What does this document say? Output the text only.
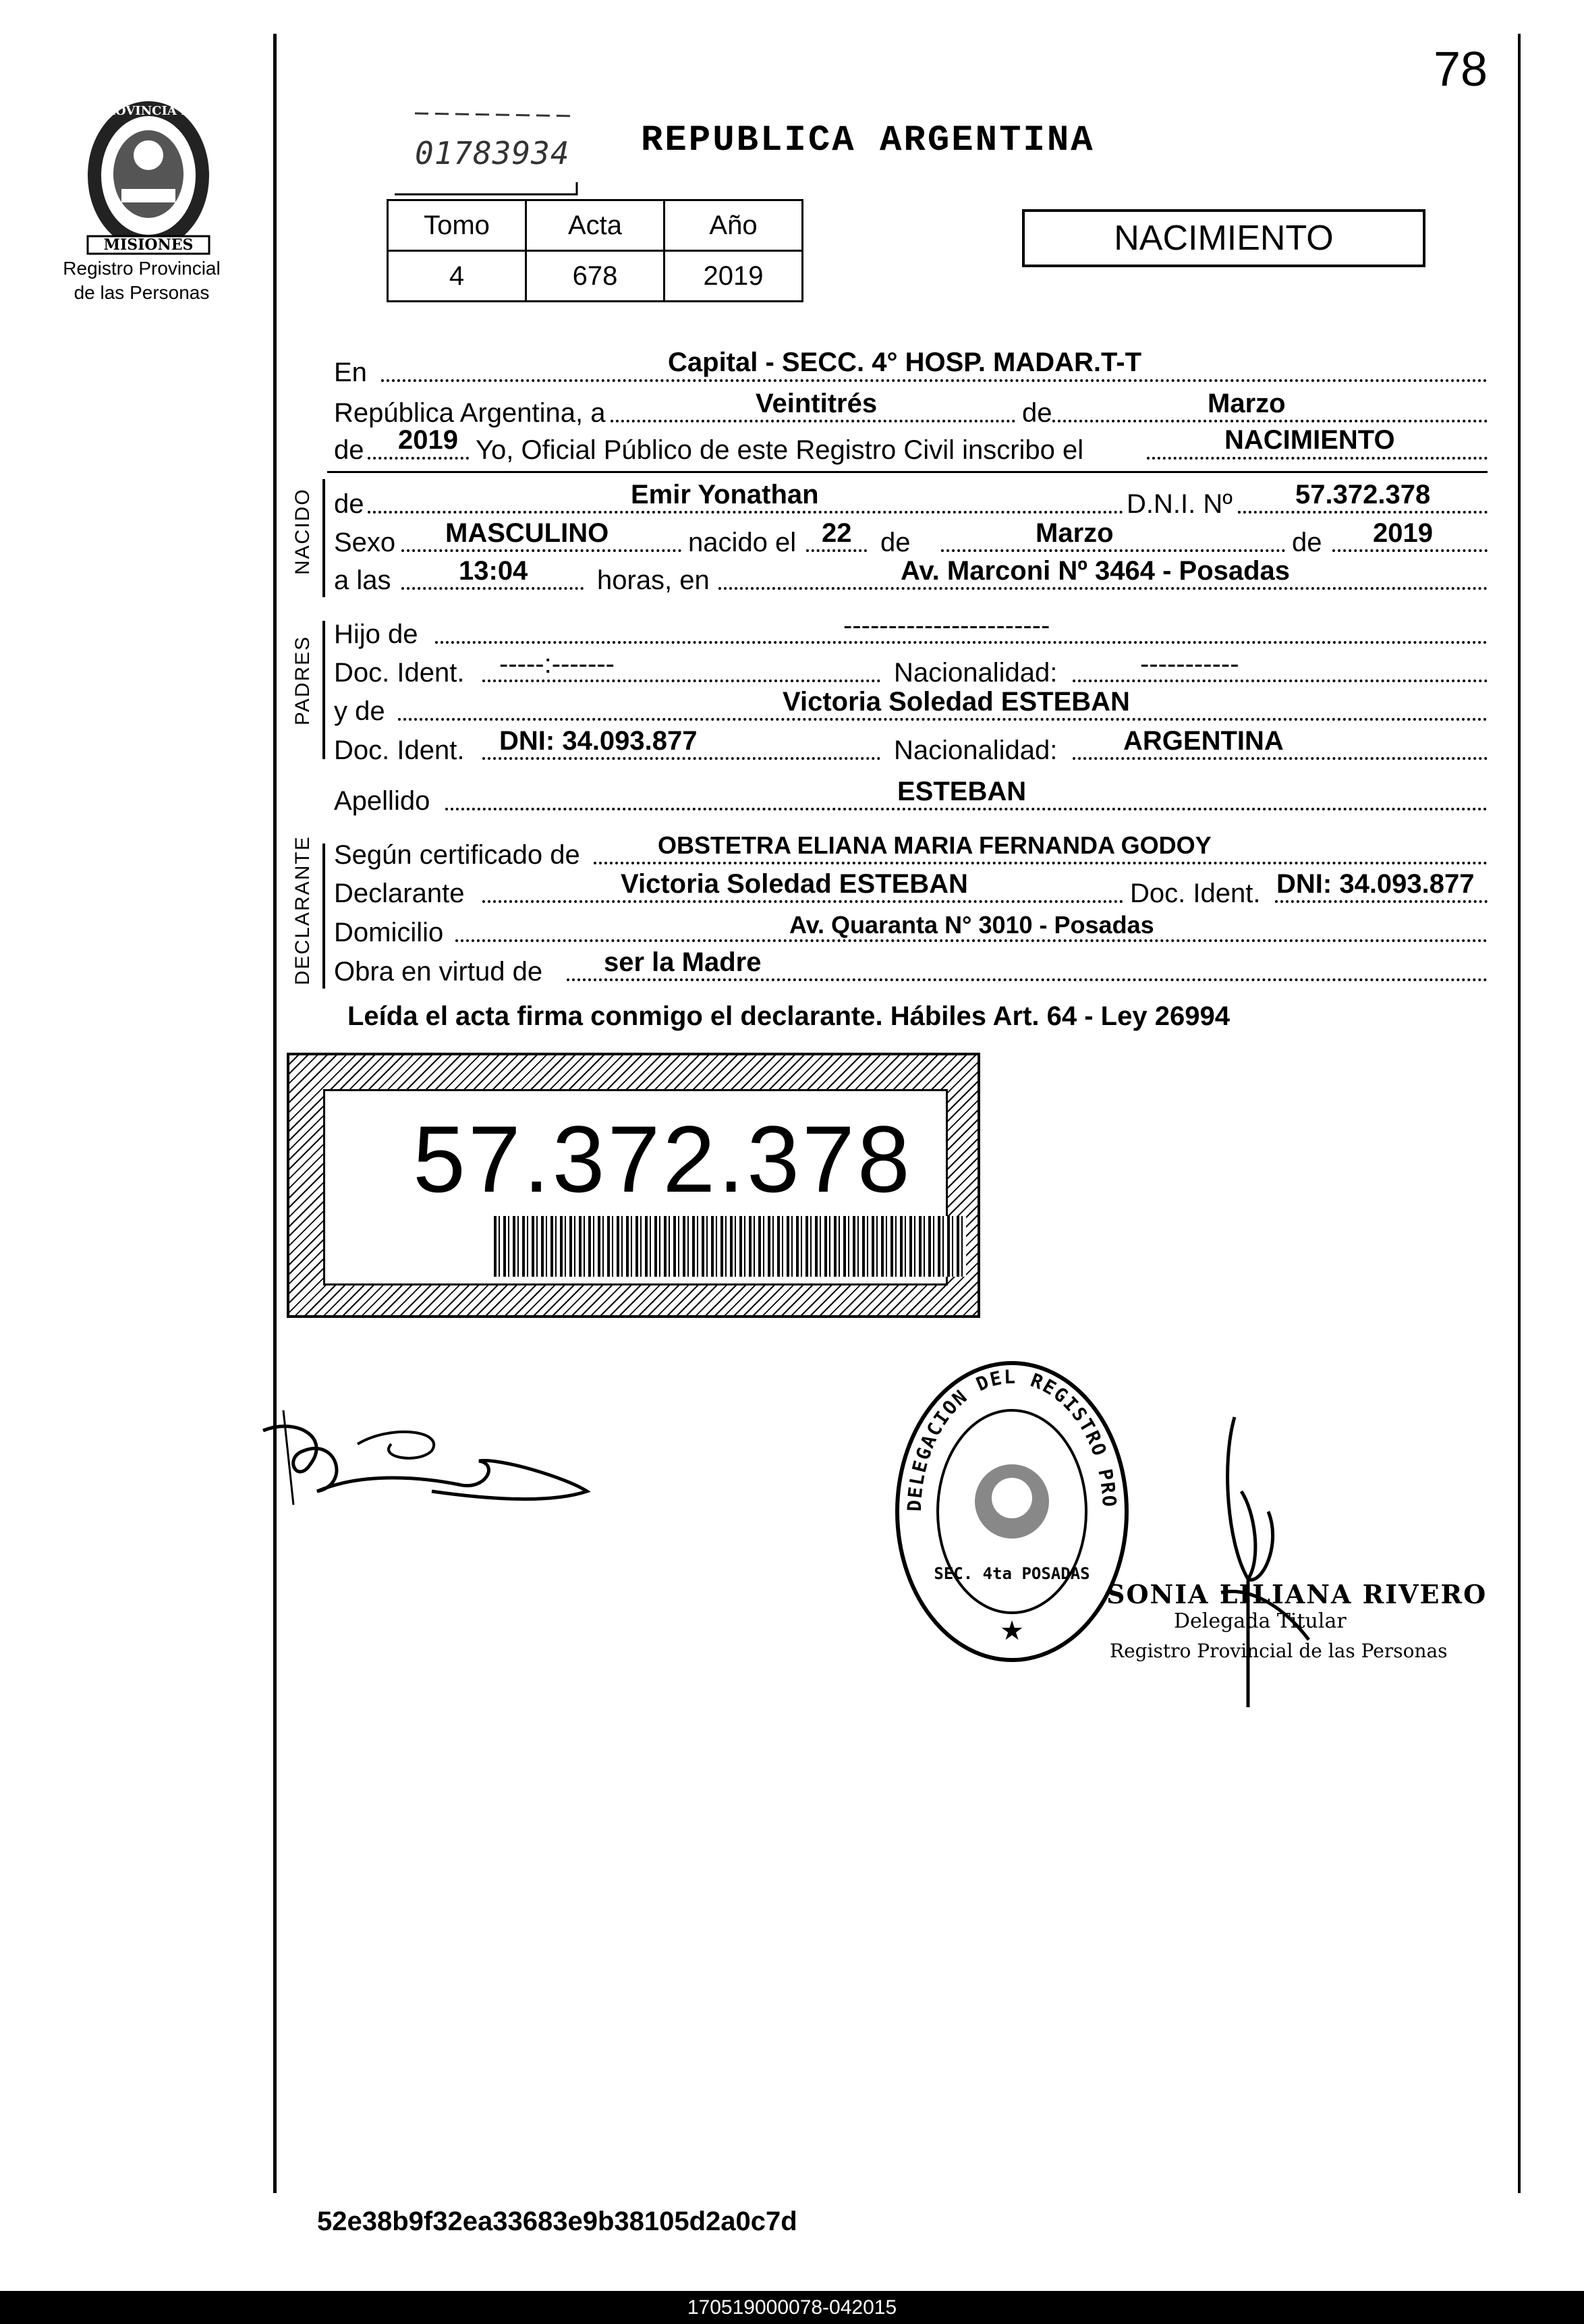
78
01783934 REPUBLICA ARGENTINA
MISIONES
PROVINCIA DE
Registro Provincial
de las Personas
Tomo	Acta	Año
4	678	2019
NACIMIENTO
En	Capital - SECC. 4° HOSP. MADAR.T-T
República Argentina, a	Veintitrés	de	Marzo
de 2019 Yo, Oficial Público de este Registro Civil inscribo el	NACIMIENTO
NACIDO de	Emir Yonathan	D.N.I. Nº 57.372.378
Sexo MASCULINO	nacido el 22 de	Marzo	de 2019
a las	13:04	horas, en	Av. Marconi Nº 3464 - Posadas
PADRES
Hijo de	-----------------------
Doc. Ident. -----:-------	Nacionalidad:	-----------
y de	Victoria Soledad ESTEBAN
Doc. Ident. DNI: 34.093.877	Nacionalidad: ARGENTINA
Apellido	ESTEBAN
DECLARANTE Según certificado de	OBSTETRA ELIANA MARIA FERNANDA GODOY
Declarante	Victoria Soledad ESTEBAN	Doc. Ident. DNI: 34.093.877
Domicilio	Av. Quaranta N° 3010 - Posadas
Obra en virtud de ser la Madre
Leída el acta firma conmigo el declarante. Hábiles Art. 64 - Ley 26994
57.372.378
DELEGACION DEL REGISTRO PRO
SEC. 4ta POSADAS
★
SONIA LILIANA RIVERO
Delegada Titular
Registro Provincial de las Personas
52e38b9f32ea33683e9b38105d2a0c7d
170519000078-042015
